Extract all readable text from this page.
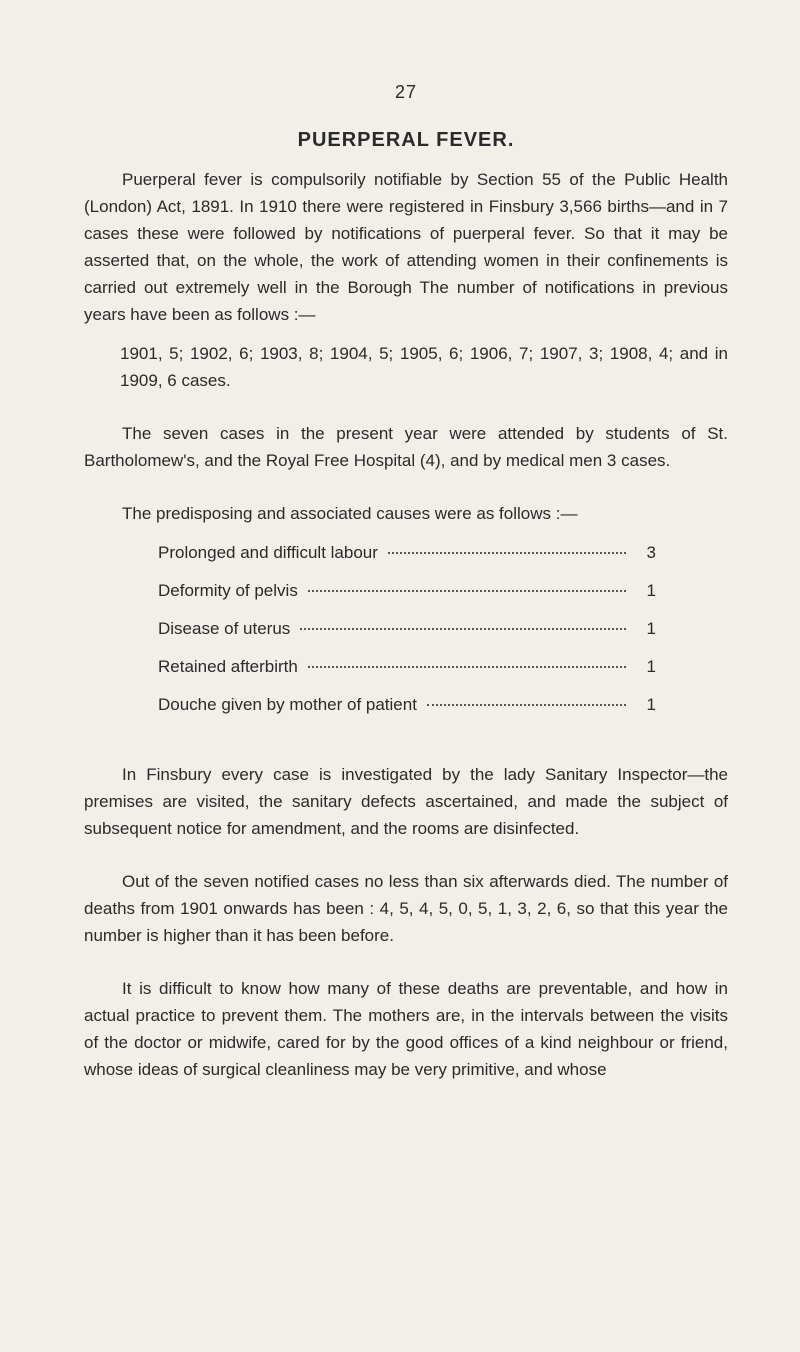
27
PUERPERAL FEVER.

Puerperal fever is compulsorily notifiable by Section 55 of the Public Health (London) Act, 1891. In 1910 there were registered in Finsbury 3,566 births—and in 7 cases these were followed by notifications of puerperal fever. So that it may be asserted that, on the whole, the work of attending women in their confinements is carried out extremely well in the Borough The number of notifications in previous years have been as follows :—

1901, 5; 1902, 6; 1903, 8; 1904, 5; 1905, 6; 1906, 7; 1907, 3; 1908, 4; and in 1909, 6 cases.

The seven cases in the present year were attended by students of St. Bartholomew's, and the Royal Free Hospital (4), and by medical men 3 cases.

The predisposing and associated causes were as follows :—

Prolonged and difficult labour	3
Deformity of pelvis	1
Disease of uterus	1
Retained afterbirth	1
Douche given by mother of patient	1

In Finsbury every case is investigated by the lady Sanitary Inspector—the premises are visited, the sanitary defects ascertained, and made the subject of subsequent notice for amendment, and the rooms are disinfected.

Out of the seven notified cases no less than six afterwards died. The number of deaths from 1901 onwards has been : 4, 5, 4, 5, 0, 5, 1, 3, 2, 6, so that this year the number is higher than it has been before.

It is difficult to know how many of these deaths are preventable, and how in actual practice to prevent them. The mothers are, in the intervals between the visits of the doctor or midwife, cared for by the good offices of a kind neighbour or friend, whose ideas of surgical cleanliness may be very primitive, and whose
